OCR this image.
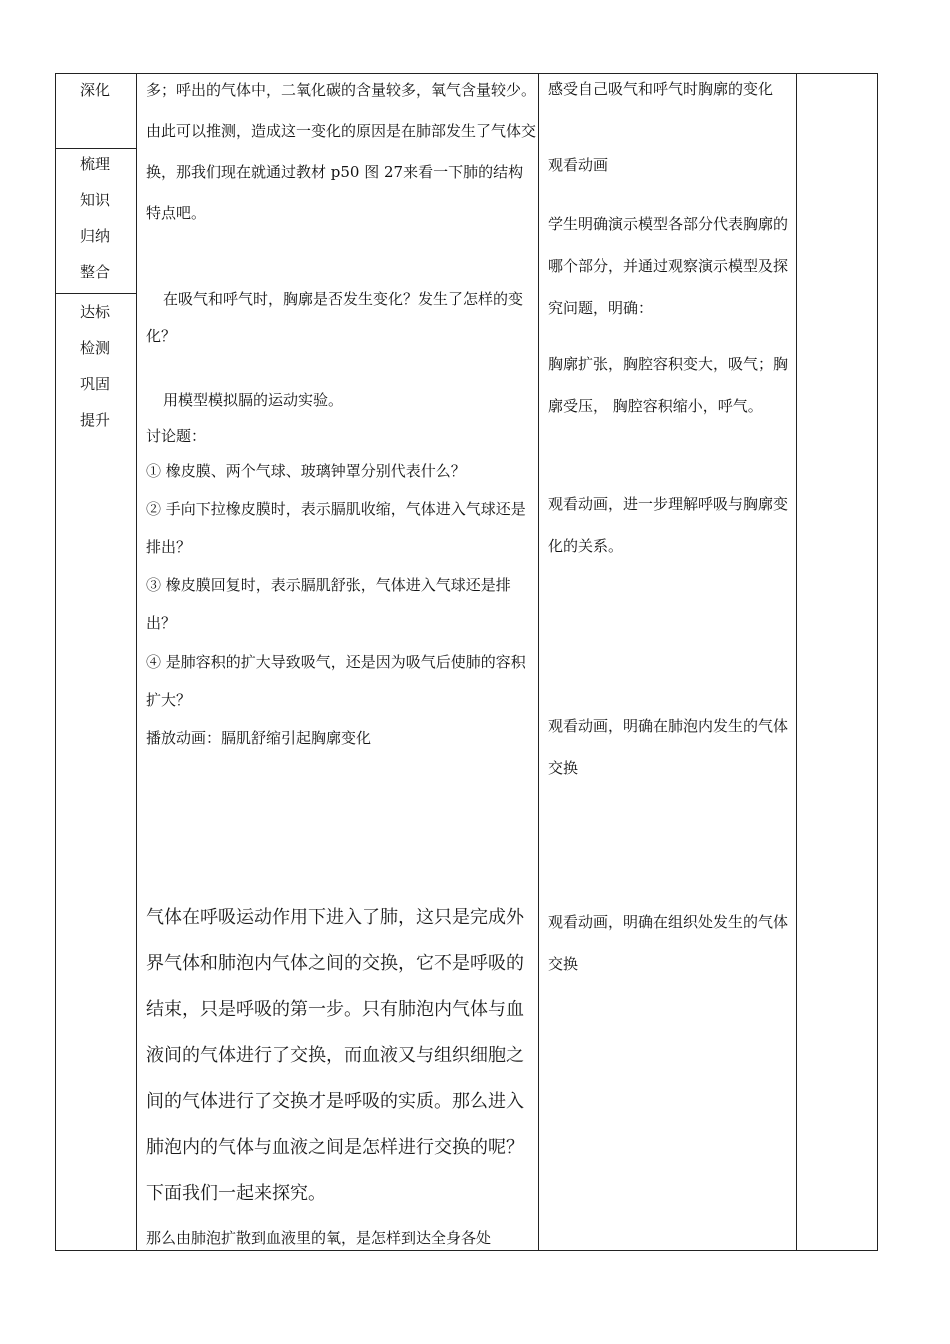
深化
梳理
知识
归纳
整合
达标
检测
巩固
提升
多；呼出的气体中，二氧化碳的含量较多，氧气含量较少。由此可以推测，造成这一变化的原因是在肺部发生了气体交换，那我们现在就通过教材 p50 图 27来看一下肺的结构特点吧。
在吸气和呼气时，胸廓是否发生变化？发生了怎样的变化？
用模型模拟膈的运动实验。
讨论题：
① 橡皮膜、两个气球、玻璃钟罩分别代表什么？
② 手向下拉橡皮膜时，表示膈肌收缩，气体进入气球还是排出？
③ 橡皮膜回复时，表示膈肌舒张，气体进入气球还是排出？
④ 是肺容积的扩大导致吸气，还是因为吸气后使肺的容积扩大？
播放动画：膈肌舒缩引起胸廓变化
气体在呼吸运动作用下进入了肺，这只是完成外界气体和肺泡内气体之间的交换，它不是呼吸的结束，只是呼吸的第一步。只有肺泡内气体与血液间的气体进行了交换，而血液又与组织细胞之间的气体进行了交换才是呼吸的实质。那么进入肺泡内的气体与血液之间是怎样进行交换的呢？下面我们一起来探究。
那么由肺泡扩散到血液里的氧，是怎样到达全身各处
感受自己吸气和呼气时胸廓的变化
观看动画
学生明确演示模型各部分代表胸廓的哪个部分，并通过观察演示模型及探究问题，明确：
胸廓扩张，胸腔容积变大，吸气；胸廓受压， 胸腔容积缩小，呼气。
观看动画，进一步理解呼吸与胸廓变化的关系。
观看动画，明确在肺泡内发生的气体交换
观看动画，明确在组织处发生的气体交换
